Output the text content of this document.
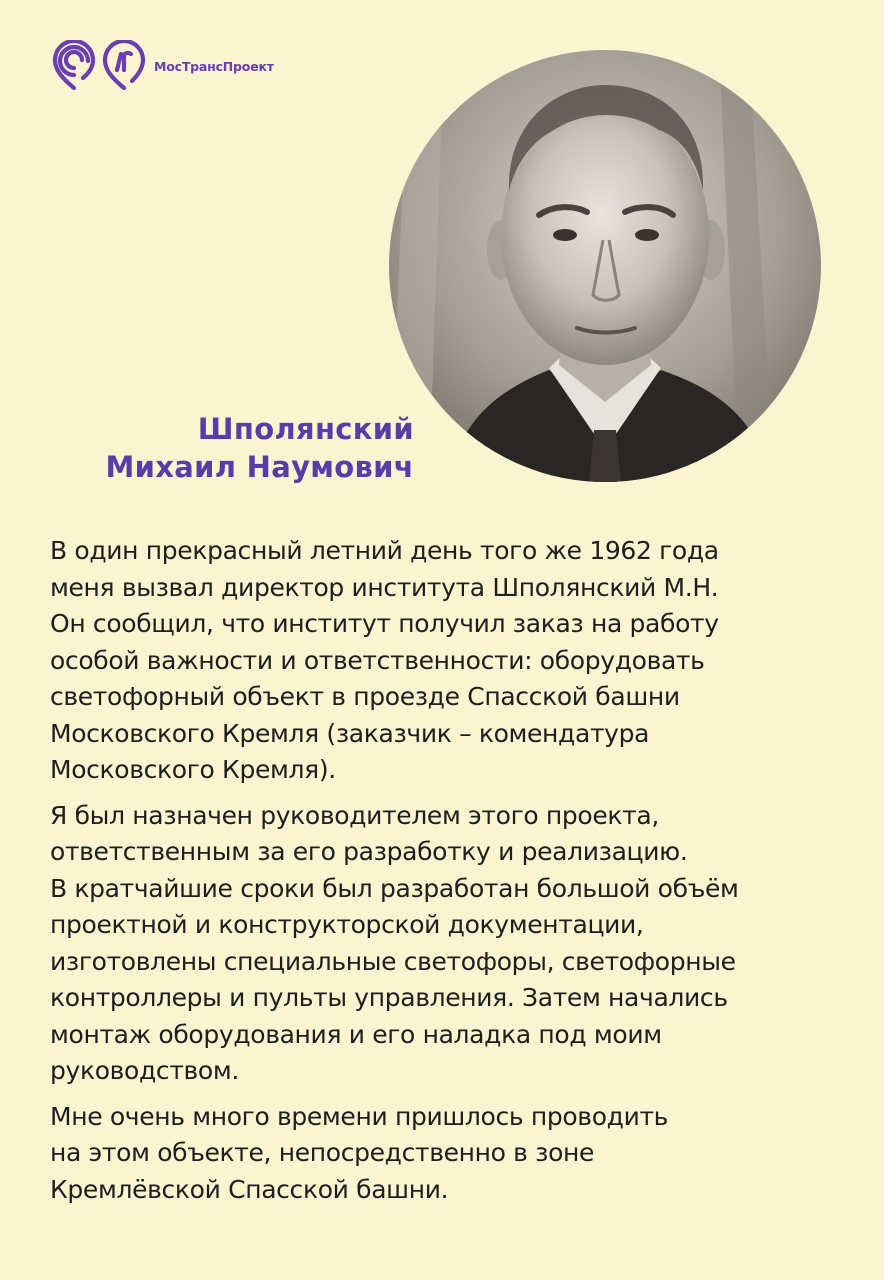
МосТрансПроект
Шполянский
Михаил Наумович
В один прекрасный летний день того же 1962 года
меня вызвал директор института Шполянский М.Н.
Он сообщил, что институт получил заказ на работу
особой важности и ответственности: оборудовать
светофорный объект в проезде Спасской башни
Московского Кремля (заказчик – комендатура
Московского Кремля).
Я был назначен руководителем этого проекта,
ответственным за его разработку и реализацию.
В кратчайшие сроки был разработан большой объём
проектной и конструкторской документации,
изготовлены специальные светофоры, светофорные
контроллеры и пульты управления. Затем начались
монтаж оборудования и его наладка под моим
руководством.
Мне очень много времени пришлось проводить
на этом объекте, непосредственно в зоне
Кремлёвской Спасской башни.
